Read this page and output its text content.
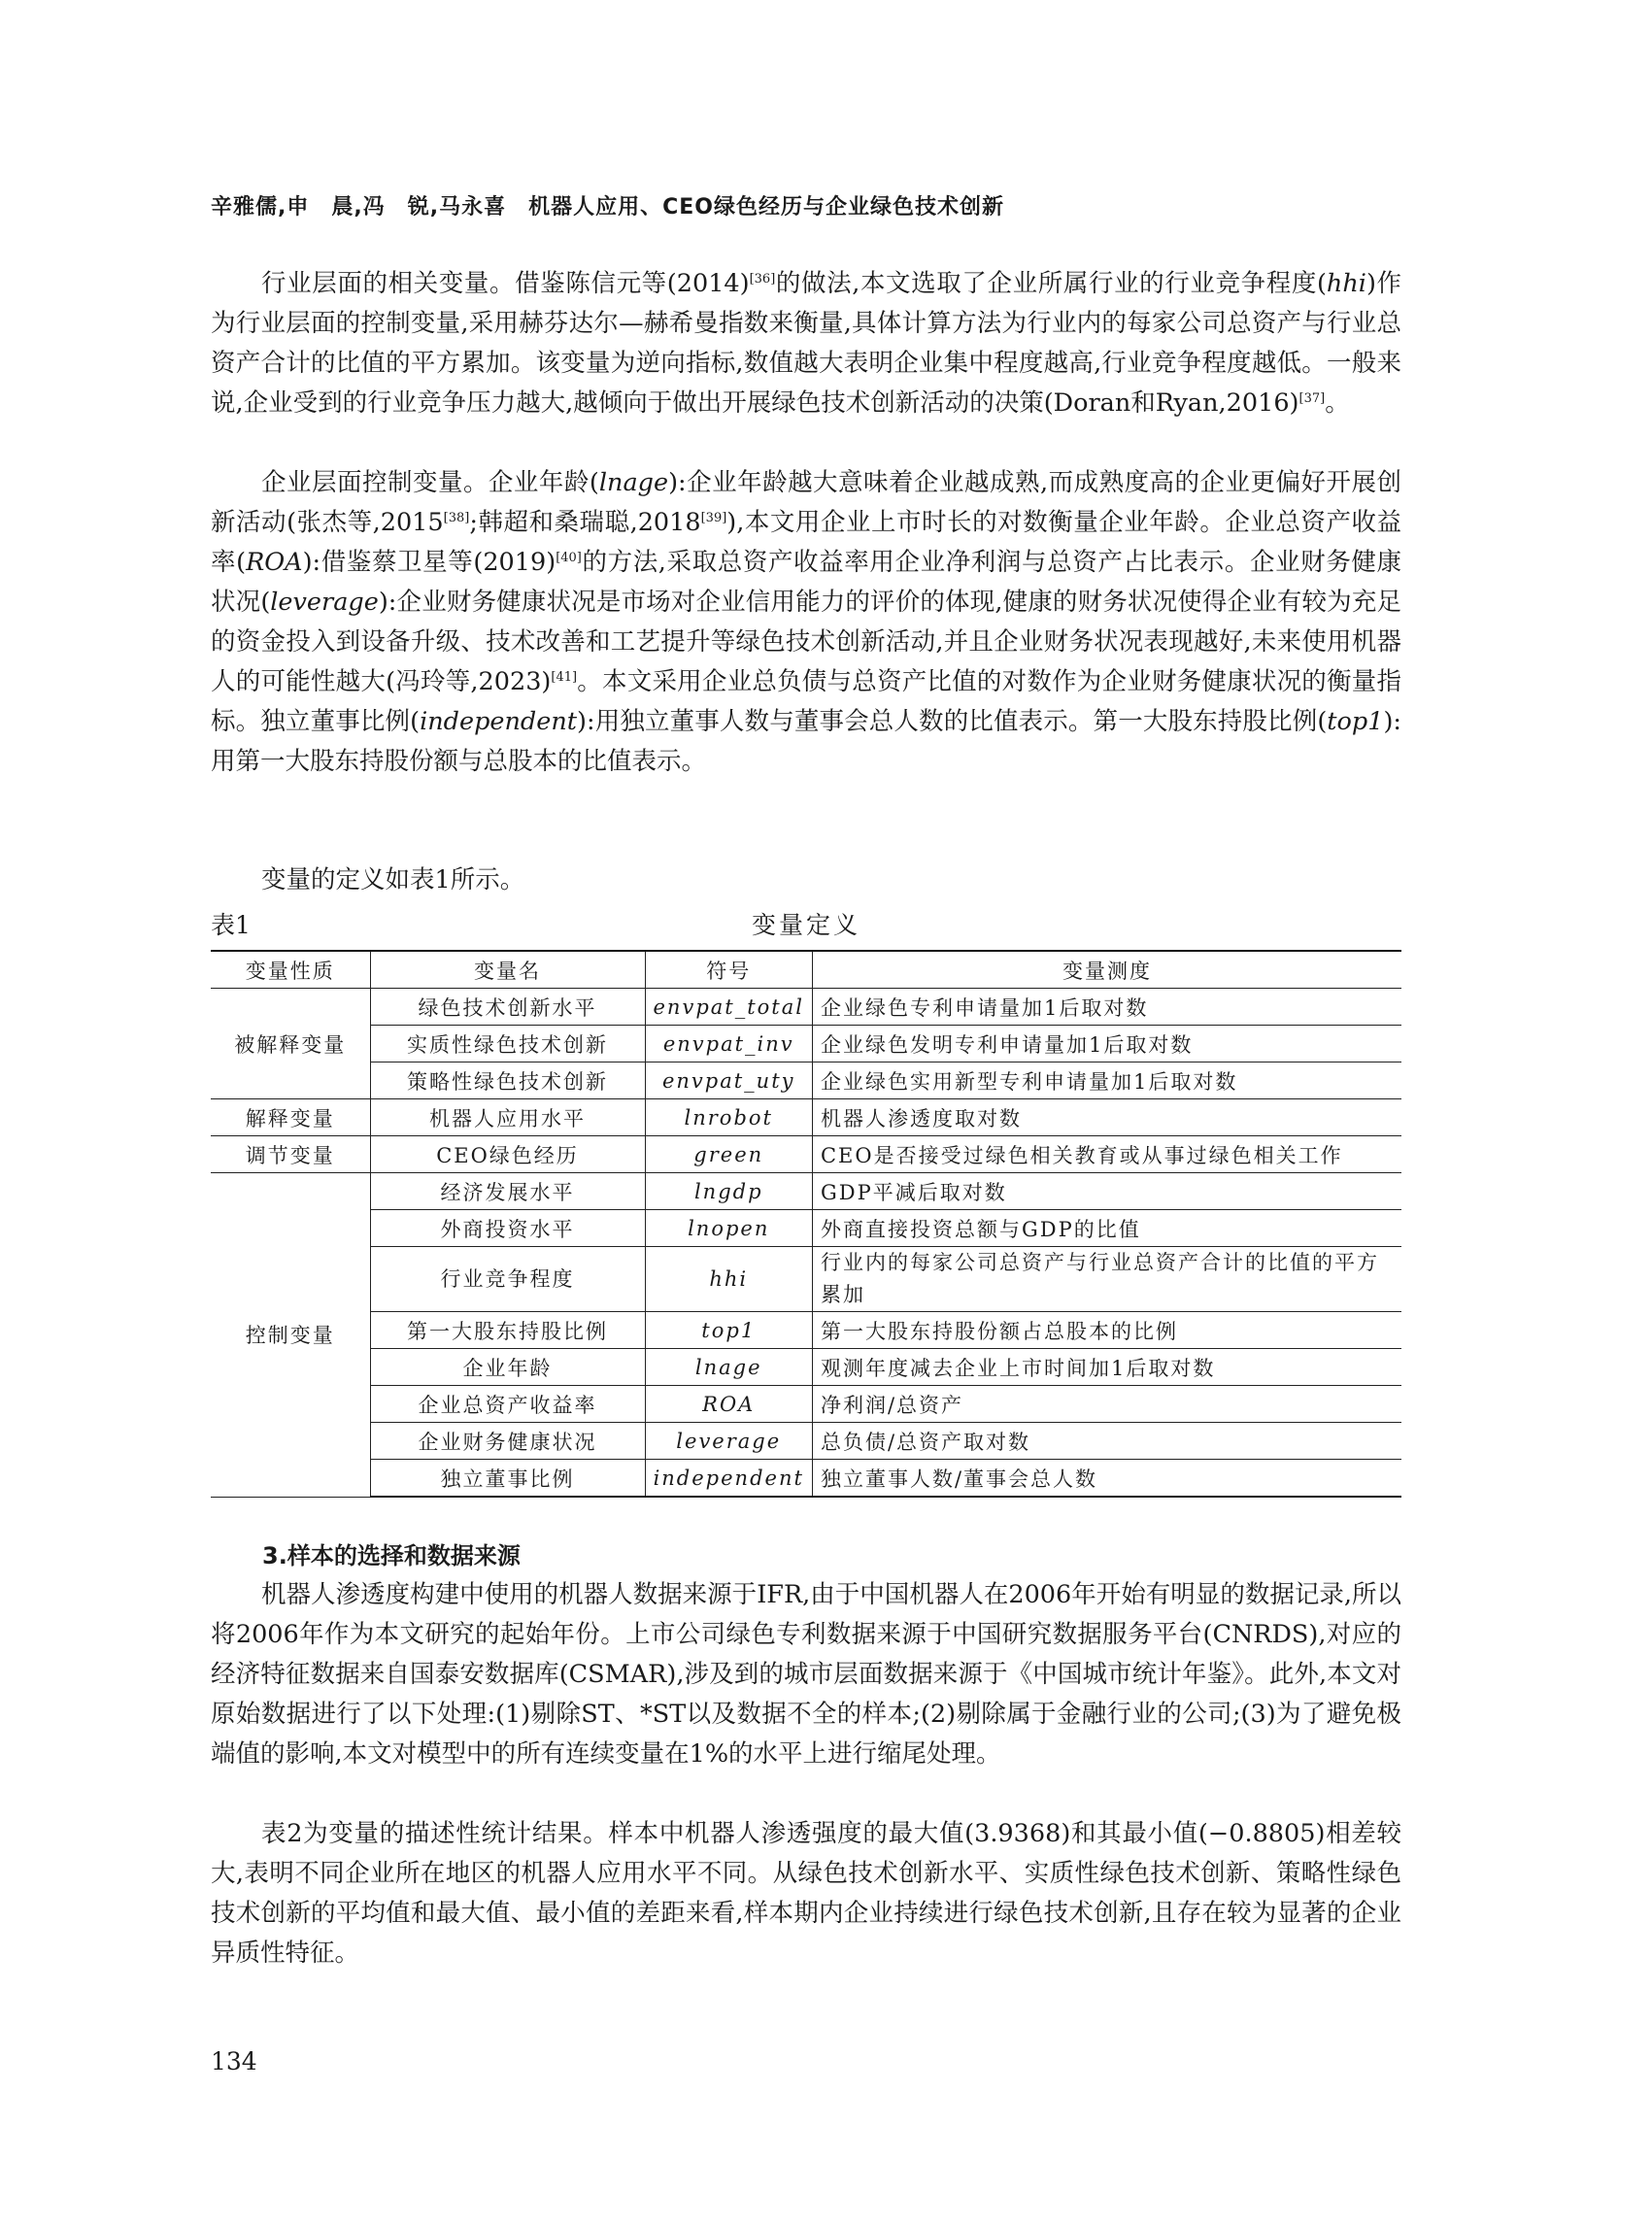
辛雅儒,申　晨,冯　锐,马永喜　机器人应用、CEO绿色经历与企业绿色技术创新

行业层面的相关变量。借鉴陈信元等(2014)[36]的做法,本文选取了企业所属行业的行业竞争程度(hhi)作为行业层面的控制变量,采用赫芬达尔—赫希曼指数来衡量,具体计算方法为行业内的每家公司总资产与行业总资产合计的比值的平方累加。该变量为逆向指标,数值越大表明企业集中程度越高,行业竞争程度越低。一般来说,企业受到的行业竞争压力越大,越倾向于做出开展绿色技术创新活动的决策(Doran和Ryan,2016)[37]。

企业层面控制变量。企业年龄(lnage):企业年龄越大意味着企业越成熟,而成熟度高的企业更偏好开展创新活动(张杰等,2015[38];韩超和桑瑞聪,2018[39]),本文用企业上市时长的对数衡量企业年龄。企业总资产收益率(ROA):借鉴蔡卫星等(2019)[40]的方法,采取总资产收益率用企业净利润与总资产占比表示。企业财务健康状况(leverage):企业财务健康状况是市场对企业信用能力的评价的体现,健康的财务状况使得企业有较为充足的资金投入到设备升级、技术改善和工艺提升等绿色技术创新活动,并且企业财务状况表现越好,未来使用机器人的可能性越大(冯玲等,2023)[41]。本文采用企业总负债与总资产比值的对数作为企业财务健康状况的衡量指标。独立董事比例(independent):用独立董事人数与董事会总人数的比值表示。第一大股东持股比例(top1):用第一大股东持股份额与总股本的比值表示。

变量的定义如表1所示。

表1	变量定义
变量性质	变量名	符号	变量测度
被解释变量	绿色技术创新水平	envpat_total	企业绿色专利申请量加1后取对数
	实质性绿色技术创新	envpat_inv	企业绿色发明专利申请量加1后取对数
	策略性绿色技术创新	envpat_uty	企业绿色实用新型专利申请量加1后取对数
解释变量	机器人应用水平	lnrobot	机器人渗透度取对数
调节变量	CEO绿色经历	green	CEO是否接受过绿色相关教育或从事过绿色相关工作
控制变量	经济发展水平	lngdp	GDP平减后取对数
	外商投资水平	lnopen	外商直接投资总额与GDP的比值
	行业竞争程度	hhi	行业内的每家公司总资产与行业总资产合计的比值的平方累加
	第一大股东持股比例	top1	第一大股东持股份额占总股本的比例
	企业年龄	lnage	观测年度减去企业上市时间加1后取对数
	企业总资产收益率	ROA	净利润/总资产
	企业财务健康状况	leverage	总负债/总资产取对数
	独立董事比例	independent	独立董事人数/董事会总人数
3.样本的选择和数据来源

机器人渗透度构建中使用的机器人数据来源于IFR,由于中国机器人在2006年开始有明显的数据记录,所以将2006年作为本文研究的起始年份。上市公司绿色专利数据来源于中国研究数据服务平台(CNRDS),对应的经济特征数据来自国泰安数据库(CSMAR),涉及到的城市层面数据来源于《中国城市统计年鉴》。此外,本文对原始数据进行了以下处理:(1)剔除ST、*ST以及数据不全的样本;(2)剔除属于金融行业的公司;(3)为了避免极端值的影响,本文对模型中的所有连续变量在1%的水平上进行缩尾处理。

表2为变量的描述性统计结果。样本中机器人渗透强度的最大值(3.9368)和其最小值(−0.8805)相差较大,表明不同企业所在地区的机器人应用水平不同。从绿色技术创新水平、实质性绿色技术创新、策略性绿色技术创新的平均值和最大值、最小值的差距来看,样本期内企业持续进行绿色技术创新,且存在较为显著的企业异质性特征。

134
